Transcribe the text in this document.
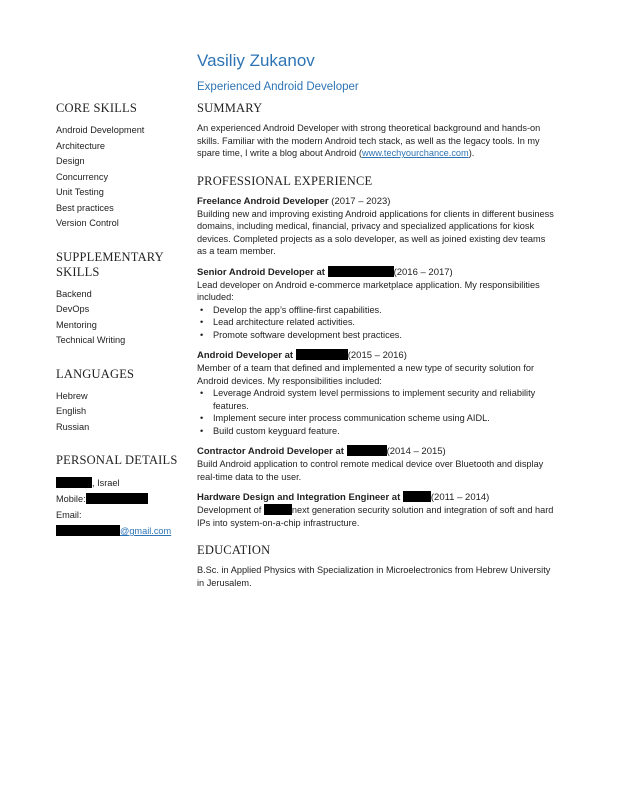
Vasiliy Zukanov
Experienced Android Developer
CORE SKILLS
Android Development
Architecture
Design
Concurrency
Unit Testing
Best practices
Version Control
SUPPLEMENTARY SKILLS
Backend
DevOps
Mentoring
Technical Writing
LANGUAGES
Hebrew
English
Russian
PERSONAL DETAILS
, Israel
Mobile:
Email:
@gmail.com
SUMMARY
An experienced Android Developer with strong theoretical background and hands-on skills. Familiar with the modern Android tech stack, as well as the legacy tools. In my spare time, I write a blog about Android (www.techyourchance.com).
PROFESSIONAL EXPERIENCE
Freelance Android Developer (2017 – 2023)
Building new and improving existing Android applications for clients in different business domains, including medical, financial, privacy and specialized applications for kiosk devices. Completed projects as a solo developer, as well as joined existing dev teams as a team member.
Senior Android Developer at	(2016 – 2017)
Lead developer on Android e-commerce marketplace application. My responsibilities included:
• Develop the app’s offline-first capabilities.
• Lead architecture related activities.
• Promote software development best practices.
Android Developer at	(2015 – 2016)
Member of a team that defined and implemented a new type of security solution for Android devices. My responsibilities included:
• Leverage Android system level permissions to implement security and reliability features.
• Implement secure inter process communication scheme using AIDL.
• Build custom keyguard feature.
Contractor Android Developer at	(2014 – 2015)
Build Android application to control remote medical device over Bluetooth and display real-time data to the user.
Hardware Design and Integration Engineer at	(2011 – 2014)
Development of	next generation security solution and integration of soft and hard IPs into system-on-a-chip infrastructure.
EDUCATION
B.Sc. in Applied Physics with Specialization in Microelectronics from Hebrew University in Jerusalem.
